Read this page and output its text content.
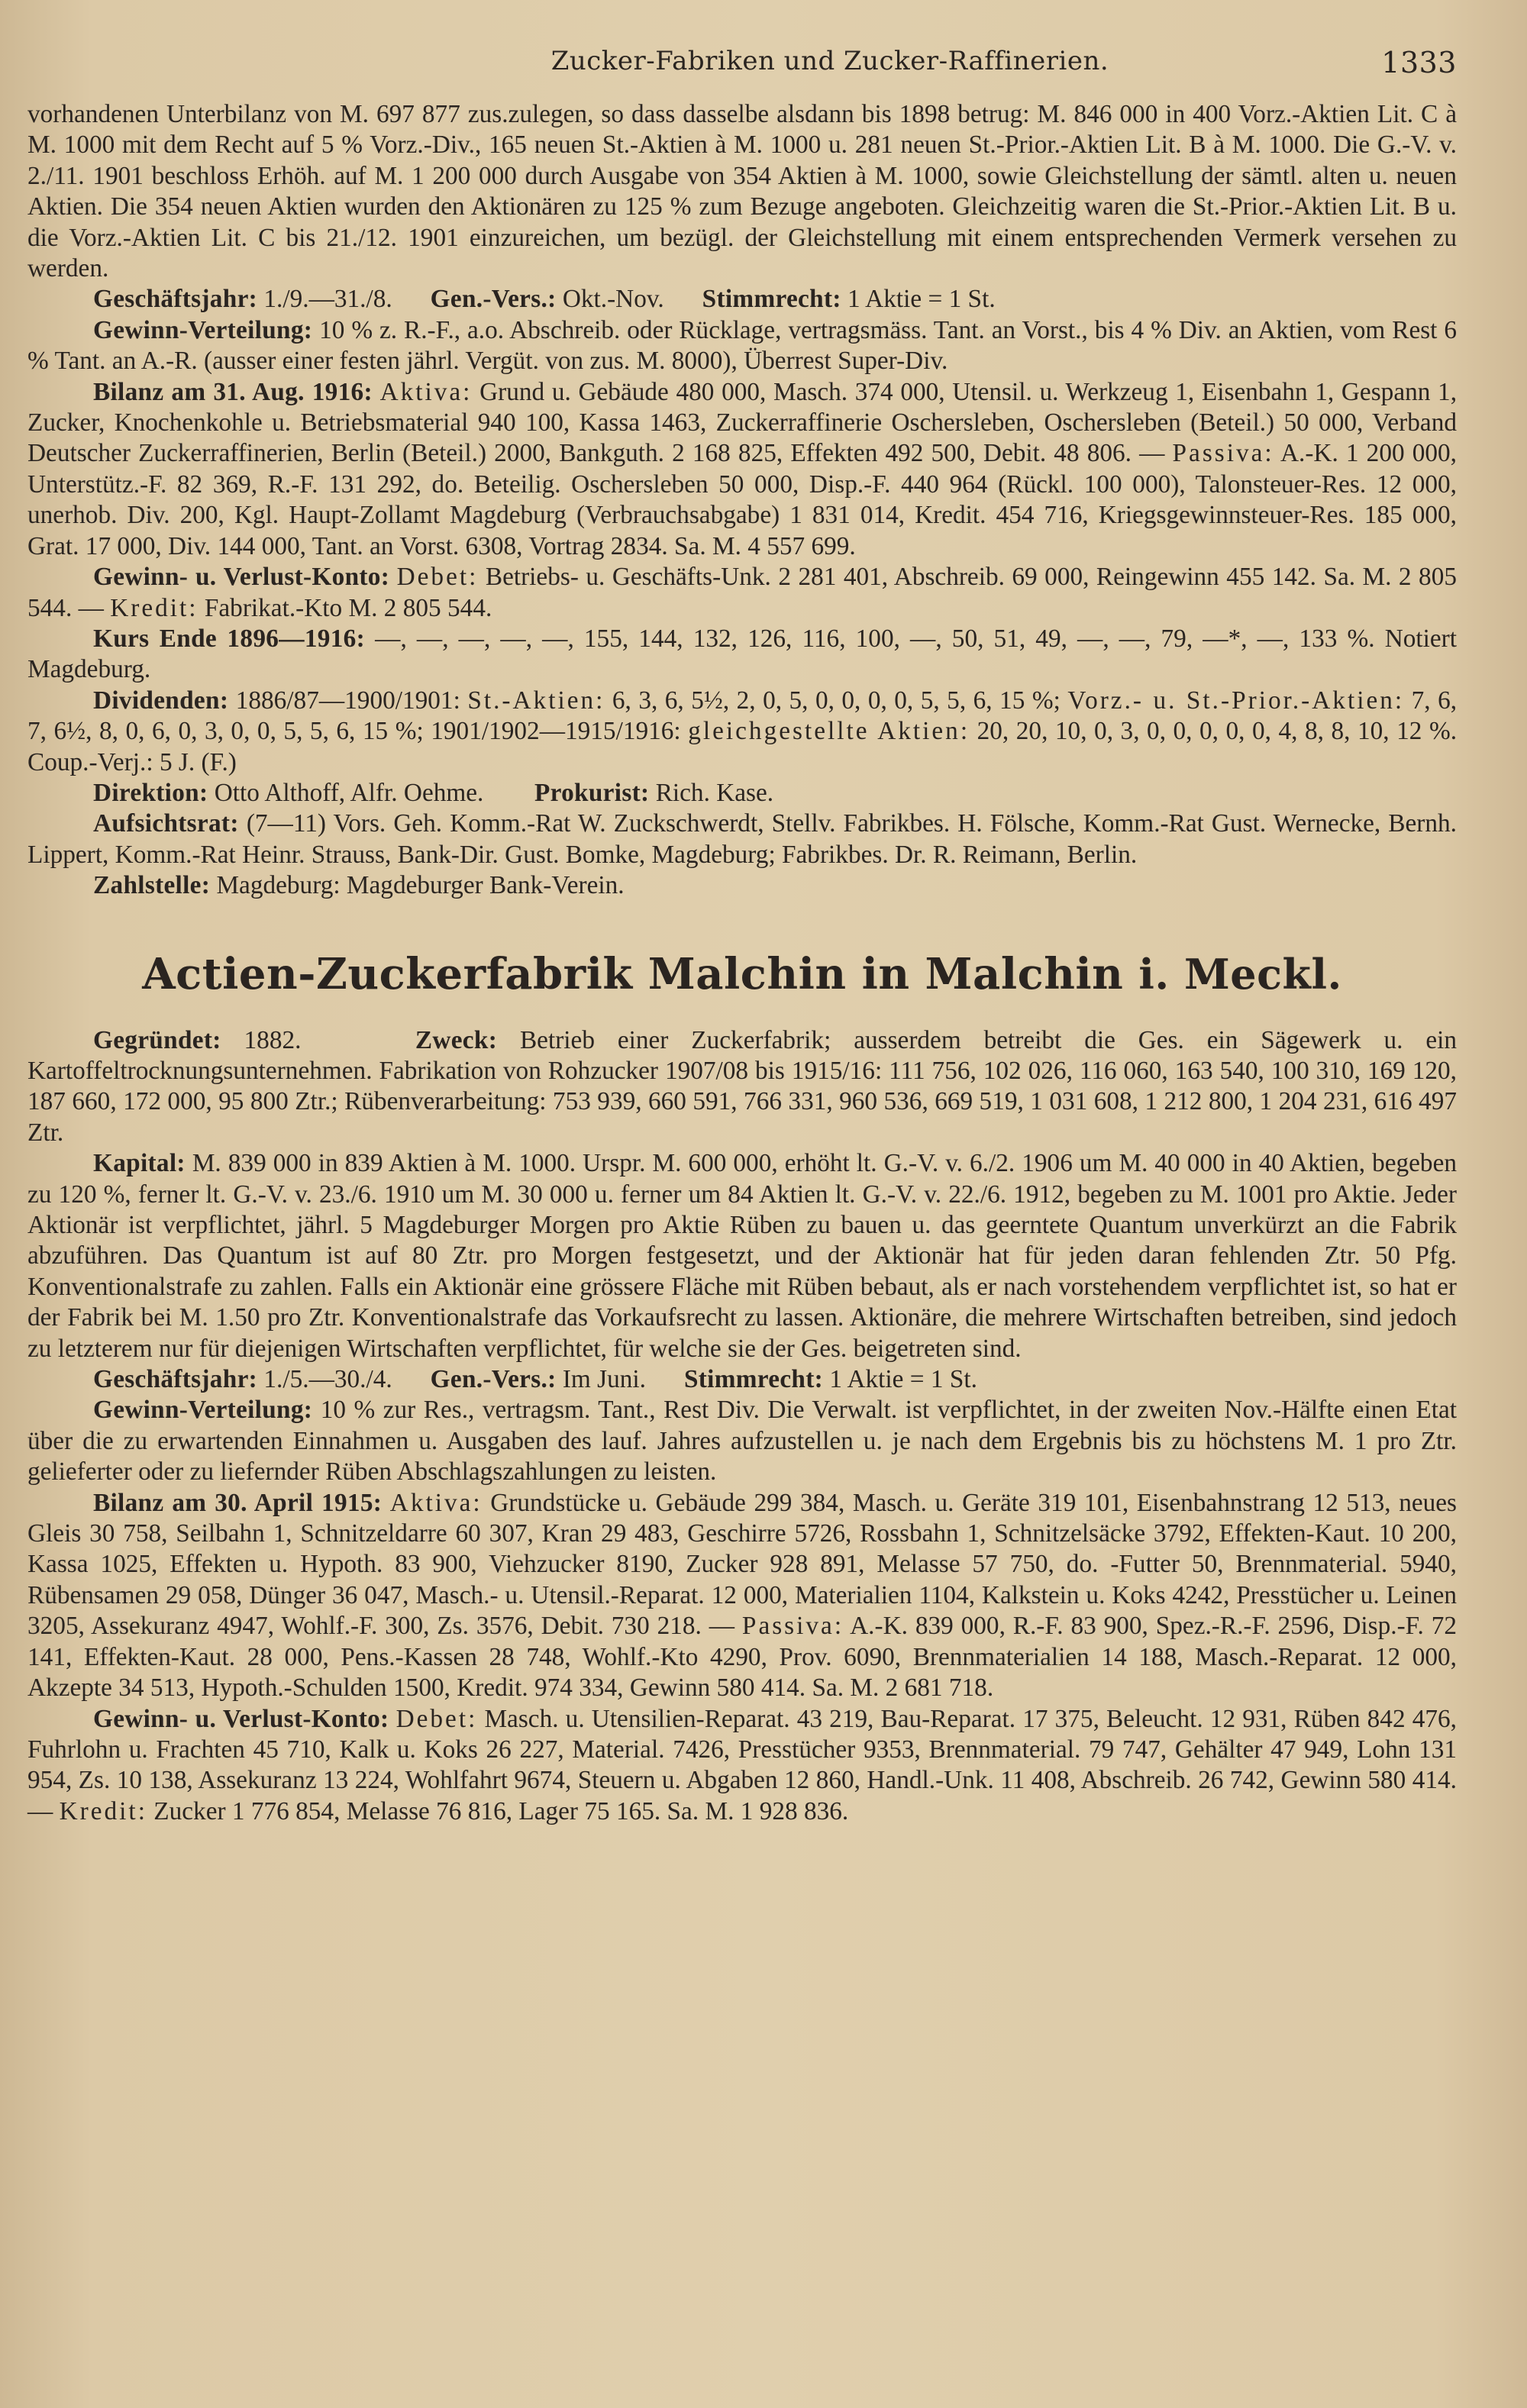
Zucker-Fabriken und Zucker-Raffinerien.	1333

vorhandenen Unterbilanz von M. 697 877 zus.zulegen, so dass dasselbe alsdann bis 1898 betrug: M. 846 000 in 400 Vorz.-Aktien Lit. C à M. 1000 mit dem Recht auf 5 % Vorz.-Div., 165 neuen St.-Aktien à M. 1000 u. 281 neuen St.-Prior.-Aktien Lit. B à M. 1000. Die G.-V. v. 2./11. 1901 beschloss Erhöh. auf M. 1 200 000 durch Ausgabe von 354 Aktien à M. 1000, sowie Gleichstellung der sämtl. alten u. neuen Aktien. Die 354 neuen Aktien wurden den Aktionären zu 125 % zum Bezuge angeboten. Gleichzeitig waren die St.-Prior.-Aktien Lit. B u. die Vorz.-Aktien Lit. C bis 21./12. 1901 einzureichen, um bezügl. der Gleichstellung mit einem entsprechenden Vermerk versehen zu werden.

Geschäftsjahr: 1./9.—31./8. Gen.-Vers.: Okt.-Nov. Stimmrecht: 1 Aktie = 1 St.

Gewinn-Verteilung: 10 % z. R.-F., a.o. Abschreib. oder Rücklage, vertragsmäss. Tant. an Vorst., bis 4 % Div. an Aktien, vom Rest 6 % Tant. an A.-R. (ausser einer festen jährl. Vergüt. von zus. M. 8000), Überrest Super-Div.

Bilanz am 31. Aug. 1916: Aktiva: Grund u. Gebäude 480 000, Masch. 374 000, Utensil. u. Werkzeug 1, Eisenbahn 1, Gespann 1, Zucker, Knochenkohle u. Betriebsmaterial 940 100, Kassa 1463, Zuckerraffinerie Oschersleben, Oschersleben (Beteil.) 50 000, Verband Deutscher Zuckerraffinerien, Berlin (Beteil.) 2000, Bankguth. 2 168 825, Effekten 492 500, Debit. 48 806. — Passiva: A.-K. 1 200 000, Unterstütz.-F. 82 369, R.-F. 131 292, do. Beteilig. Oschersleben 50 000, Disp.-F. 440 964 (Rückl. 100 000), Talonsteuer-Res. 12 000, unerhob. Div. 200, Kgl. Haupt-Zollamt Magdeburg (Verbrauchsabgabe) 1 831 014, Kredit. 454 716, Kriegsgewinnsteuer-Res. 185 000, Grat. 17 000, Div. 144 000, Tant. an Vorst. 6308, Vortrag 2834. Sa. M. 4 557 699.

Gewinn- u. Verlust-Konto: Debet: Betriebs- u. Geschäfts-Unk. 2 281 401, Abschreib. 69 000, Reingewinn 455 142. Sa. M. 2 805 544. — Kredit: Fabrikat.-Kto M. 2 805 544.

Kurs Ende 1896—1916: —, —, —, —, —, 155, 144, 132, 126, 116, 100, —, 50, 51, 49, —, —, 79, —*, —, 133 %. Notiert Magdeburg.

Dividenden: 1886/87—1900/1901: St.-Aktien: 6, 3, 6, 5½, 2, 0, 5, 0, 0, 0, 0, 5, 5, 6, 15 %; Vorz.- u. St.-Prior.-Aktien: 7, 6, 7, 6½, 8, 0, 6, 0, 3, 0, 0, 5, 5, 6, 15 %; 1901/1902—1915/1916: gleichgestellte Aktien: 20, 20, 10, 0, 3, 0, 0, 0, 0, 0, 4, 8, 8, 10, 12 %. Coup.-Verj.: 5 J. (F.)

Direktion: Otto Althoff, Alfr. Oehme. Prokurist: Rich. Kase.

Aufsichtsrat: (7—11) Vors. Geh. Komm.-Rat W. Zuckschwerdt, Stellv. Fabrikbes. H. Fölsche, Komm.-Rat Gust. Wernecke, Bernh. Lippert, Komm.-Rat Heinr. Strauss, Bank-Dir. Gust. Bomke, Magdeburg; Fabrikbes. Dr. R. Reimann, Berlin.

Zahlstelle: Magdeburg: Magdeburger Bank-Verein.

Actien-Zuckerfabrik Malchin in Malchin i. Meckl.

Gegründet: 1882.	Zweck: Betrieb einer Zuckerfabrik; ausserdem betreibt die Ges. ein Sägewerk u. ein Kartoffeltrocknungsunternehmen. Fabrikation von Rohzucker 1907/08 bis 1915/16: 111 756, 102 026, 116 060, 163 540, 100 310, 169 120, 187 660, 172 000, 95 800 Ztr.; Rübenverarbeitung: 753 939, 660 591, 766 331, 960 536, 669 519, 1 031 608, 1 212 800, 1 204 231, 616 497 Ztr.

Kapital: M. 839 000 in 839 Aktien à M. 1000. Urspr. M. 600 000, erhöht lt. G.-V. v. 6./2. 1906 um M. 40 000 in 40 Aktien, begeben zu 120 %, ferner lt. G.-V. v. 23./6. 1910 um M. 30 000 u. ferner um 84 Aktien lt. G.-V. v. 22./6. 1912, begeben zu M. 1001 pro Aktie. Jeder Aktionär ist verpflichtet, jährl. 5 Magdeburger Morgen pro Aktie Rüben zu bauen u. das geerntete Quantum unverkürzt an die Fabrik abzuführen. Das Quantum ist auf 80 Ztr. pro Morgen festgesetzt, und der Aktionär hat für jeden daran fehlenden Ztr. 50 Pfg. Konventionalstrafe zu zahlen. Falls ein Aktionär eine grössere Fläche mit Rüben bebaut, als er nach vorstehendem verpflichtet ist, so hat er der Fabrik bei M. 1.50 pro Ztr. Konventionalstrafe das Vorkaufsrecht zu lassen. Aktionäre, die mehrere Wirtschaften betreiben, sind jedoch zu letzterem nur für diejenigen Wirtschaften verpflichtet, für welche sie der Ges. beigetreten sind.

Geschäftsjahr: 1./5.—30./4. Gen.-Vers.: Im Juni. Stimmrecht: 1 Aktie = 1 St.

Gewinn-Verteilung: 10 % zur Res., vertragsm. Tant., Rest Div. Die Verwalt. ist verpflichtet, in der zweiten Nov.-Hälfte einen Etat über die zu erwartenden Einnahmen u. Ausgaben des lauf. Jahres aufzustellen u. je nach dem Ergebnis bis zu höchstens M. 1 pro Ztr. gelieferter oder zu liefernder Rüben Abschlagszahlungen zu leisten.

Bilanz am 30. April 1915: Aktiva: Grundstücke u. Gebäude 299 384, Masch. u. Geräte 319 101, Eisenbahnstrang 12 513, neues Gleis 30 758, Seilbahn 1, Schnitzeldarre 60 307, Kran 29 483, Geschirre 5726, Rossbahn 1, Schnitzelsäcke 3792, Effekten-Kaut. 10 200, Kassa 1025, Effekten u. Hypoth. 83 900, Viehzucker 8190, Zucker 928 891, Melasse 57 750, do. -Futter 50, Brennmaterial. 5940, Rübensamen 29 058, Dünger 36 047, Masch.- u. Utensil.-Reparat. 12 000, Materialien 1104, Kalkstein u. Koks 4242, Presstücher u. Leinen 3205, Assekuranz 4947, Wohlf.-F. 300, Zs. 3576, Debit. 730 218. — Passiva: A.-K. 839 000, R.-F. 83 900, Spez.-R.-F. 2596, Disp.-F. 72 141, Effekten-Kaut. 28 000, Pens.-Kassen 28 748, Wohlf.-Kto 4290, Prov. 6090, Brennmaterialien 14 188, Masch.-Reparat. 12 000, Akzepte 34 513, Hypoth.-Schulden 1500, Kredit. 974 334, Gewinn 580 414. Sa. M. 2 681 718.

Gewinn- u. Verlust-Konto: Debet: Masch. u. Utensilien-Reparat. 43 219, Bau-Reparat. 17 375, Beleucht. 12 931, Rüben 842 476, Fuhrlohn u. Frachten 45 710, Kalk u. Koks 26 227, Material. 7426, Presstücher 9353, Brennmaterial. 79 747, Gehälter 47 949, Lohn 131 954, Zs. 10 138, Assekuranz 13 224, Wohlfahrt 9674, Steuern u. Abgaben 12 860, Handl.-Unk. 11 408, Abschreib. 26 742, Gewinn 580 414. — Kredit: Zucker 1 776 854, Melasse 76 816, Lager 75 165. Sa. M. 1 928 836.
